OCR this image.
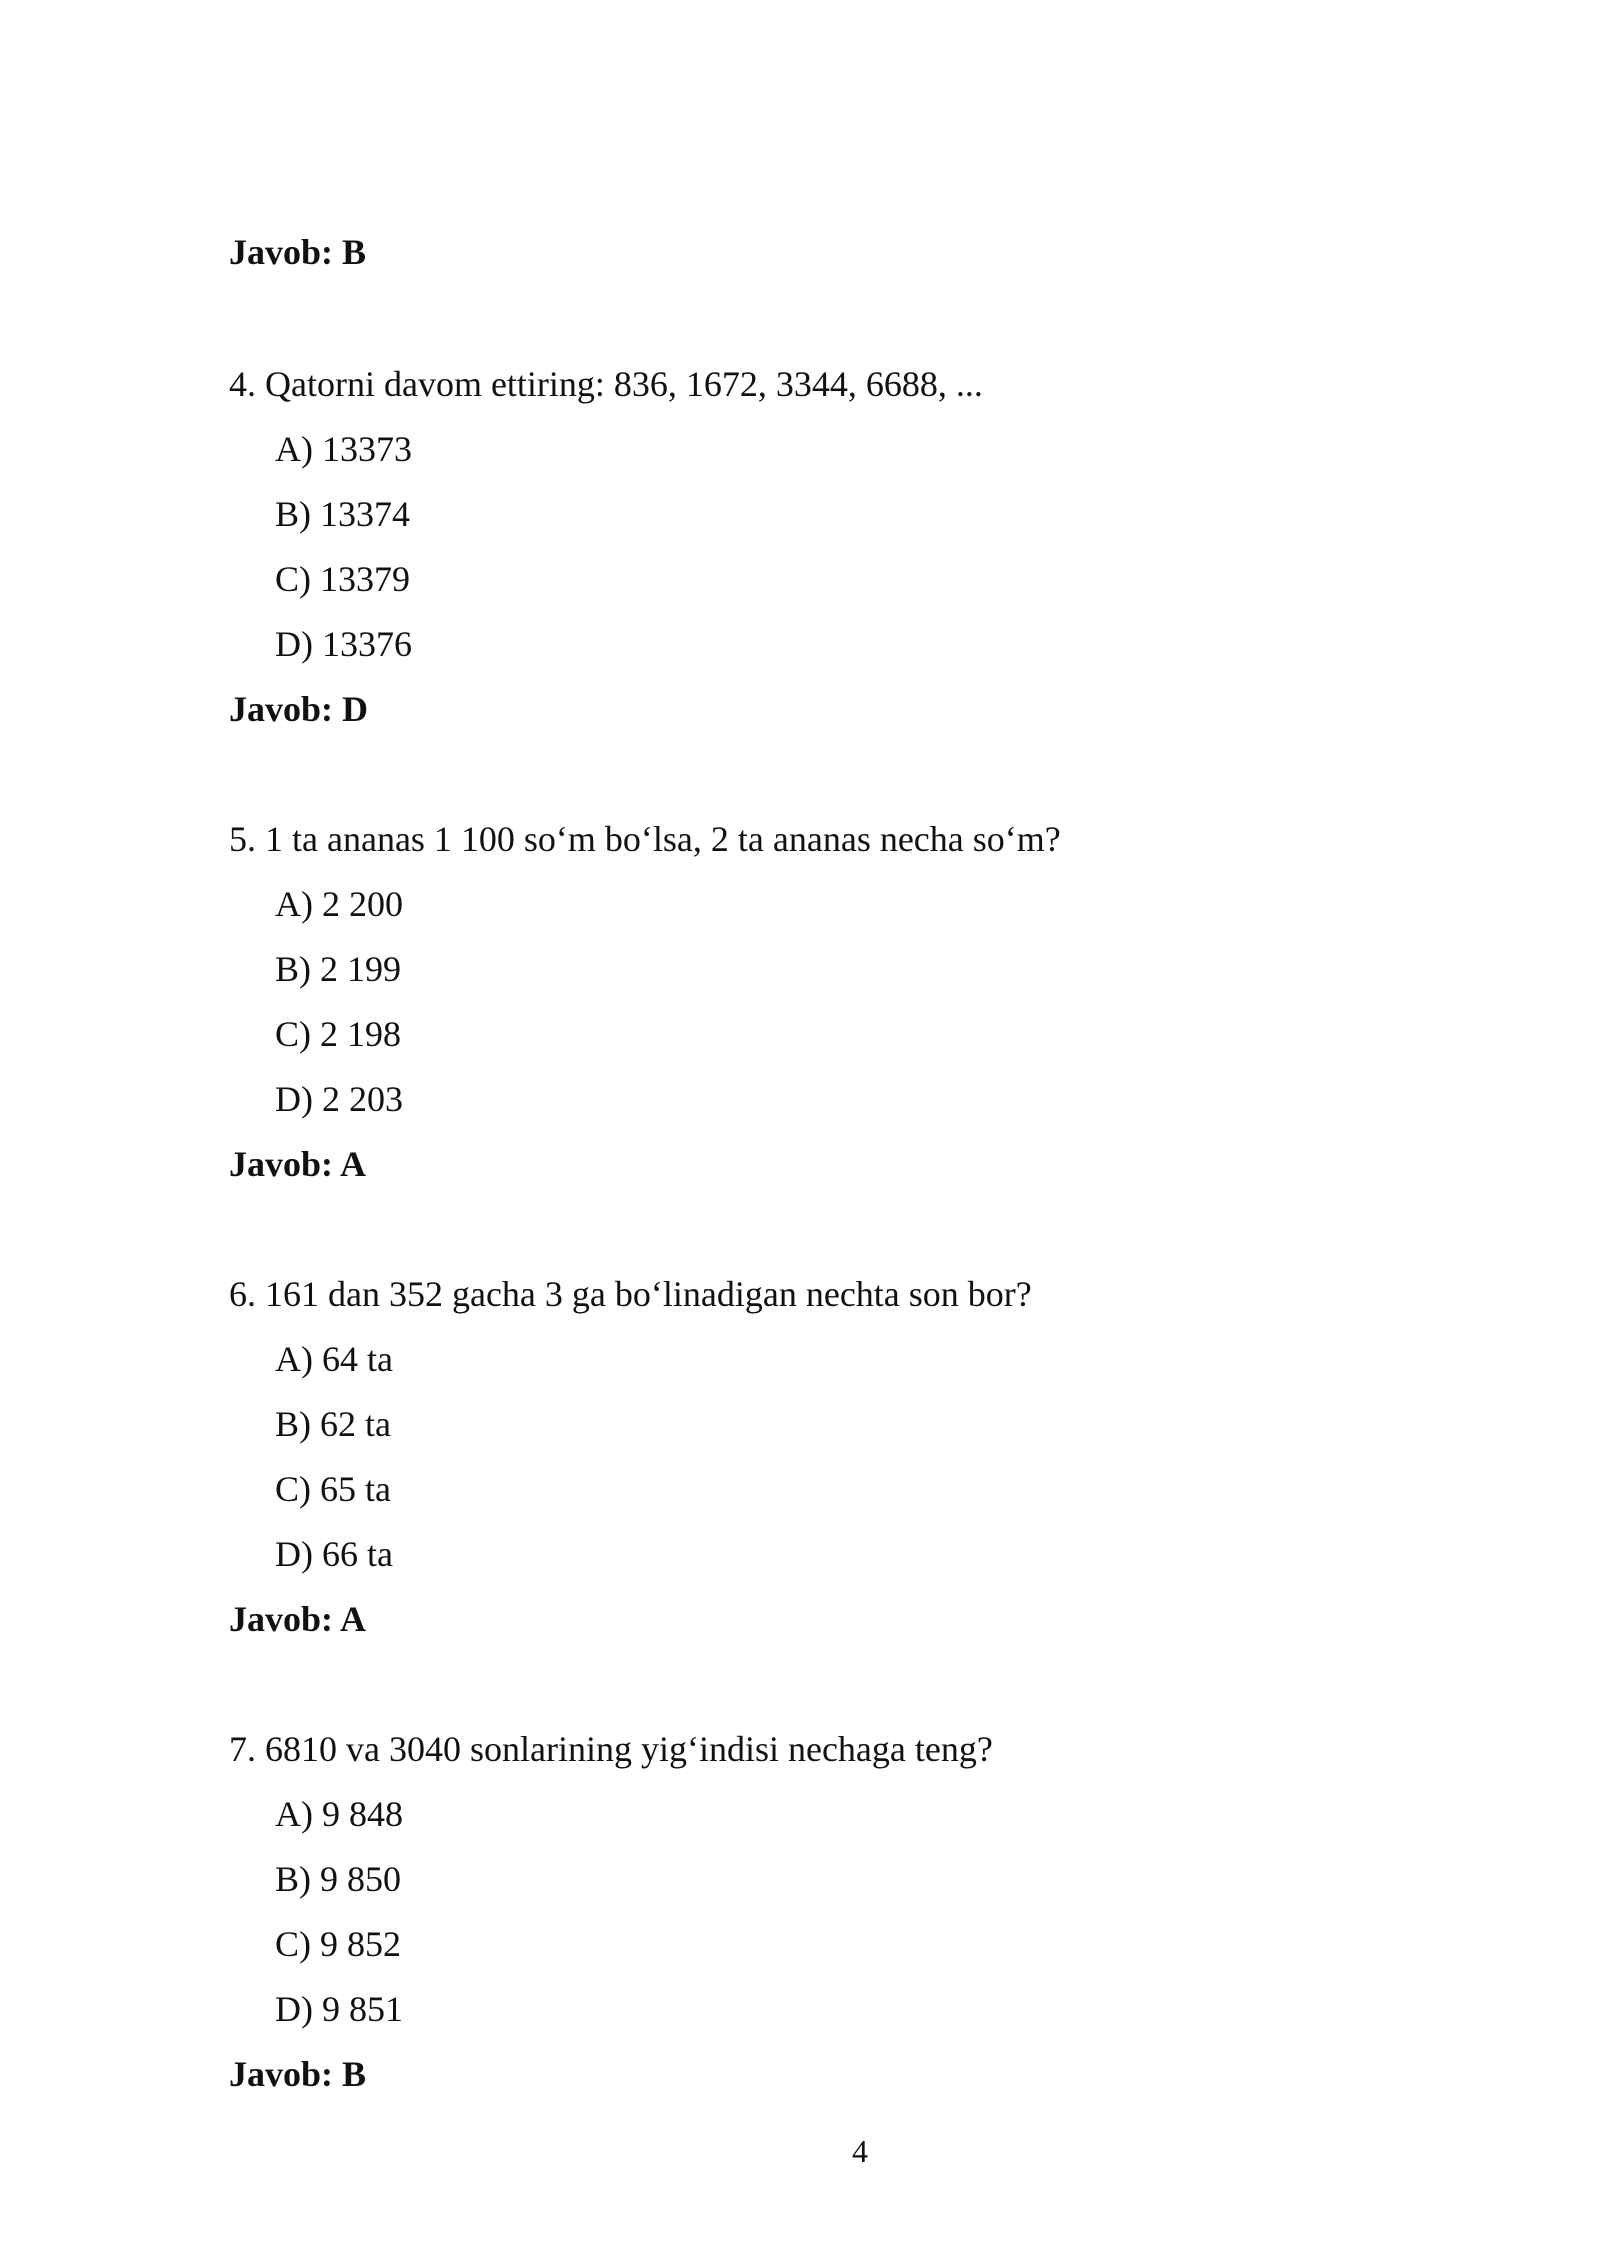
Javob: B
4. Qatorni davom ettiring: 836, 1672, 3344, 6688, ...
A) 13373
B) 13374
C) 13379
D) 13376
Javob: D
5. 1 ta ananas 1 100 so‘m bo‘lsa, 2 ta ananas necha so‘m?
A) 2 200
B) 2 199
C) 2 198
D) 2 203
Javob: A
6. 161 dan 352 gacha 3 ga bo‘linadigan nechta son bor?
A) 64 ta
B) 62 ta
C) 65 ta
D) 66 ta
Javob: A
7. 6810 va 3040 sonlarining yig‘indisi nechaga teng?
A) 9 848
B) 9 850
C) 9 852
D) 9 851
Javob: B
4
